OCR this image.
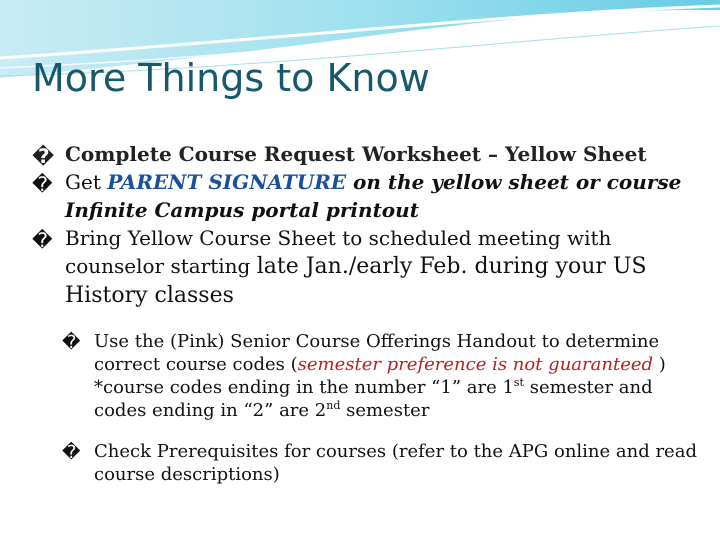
More Things to Know
� Complete Course Request Worksheet – Yellow Sheet
� Get PARENT SIGNATURE on the yellow sheet or course Infinite Campus portal printout
� Bring Yellow Course Sheet to scheduled meeting with counselor starting late Jan./early Feb. during your US History classes
� Use the (Pink) Senior Course Offerings Handout to determine correct course codes (semester preference is not guaranteed ) *course codes ending in the number “1” are 1st semester and codes ending in “2” are 2nd semester
� Check Prerequisites for courses (refer to the APG online and read course descriptions)
